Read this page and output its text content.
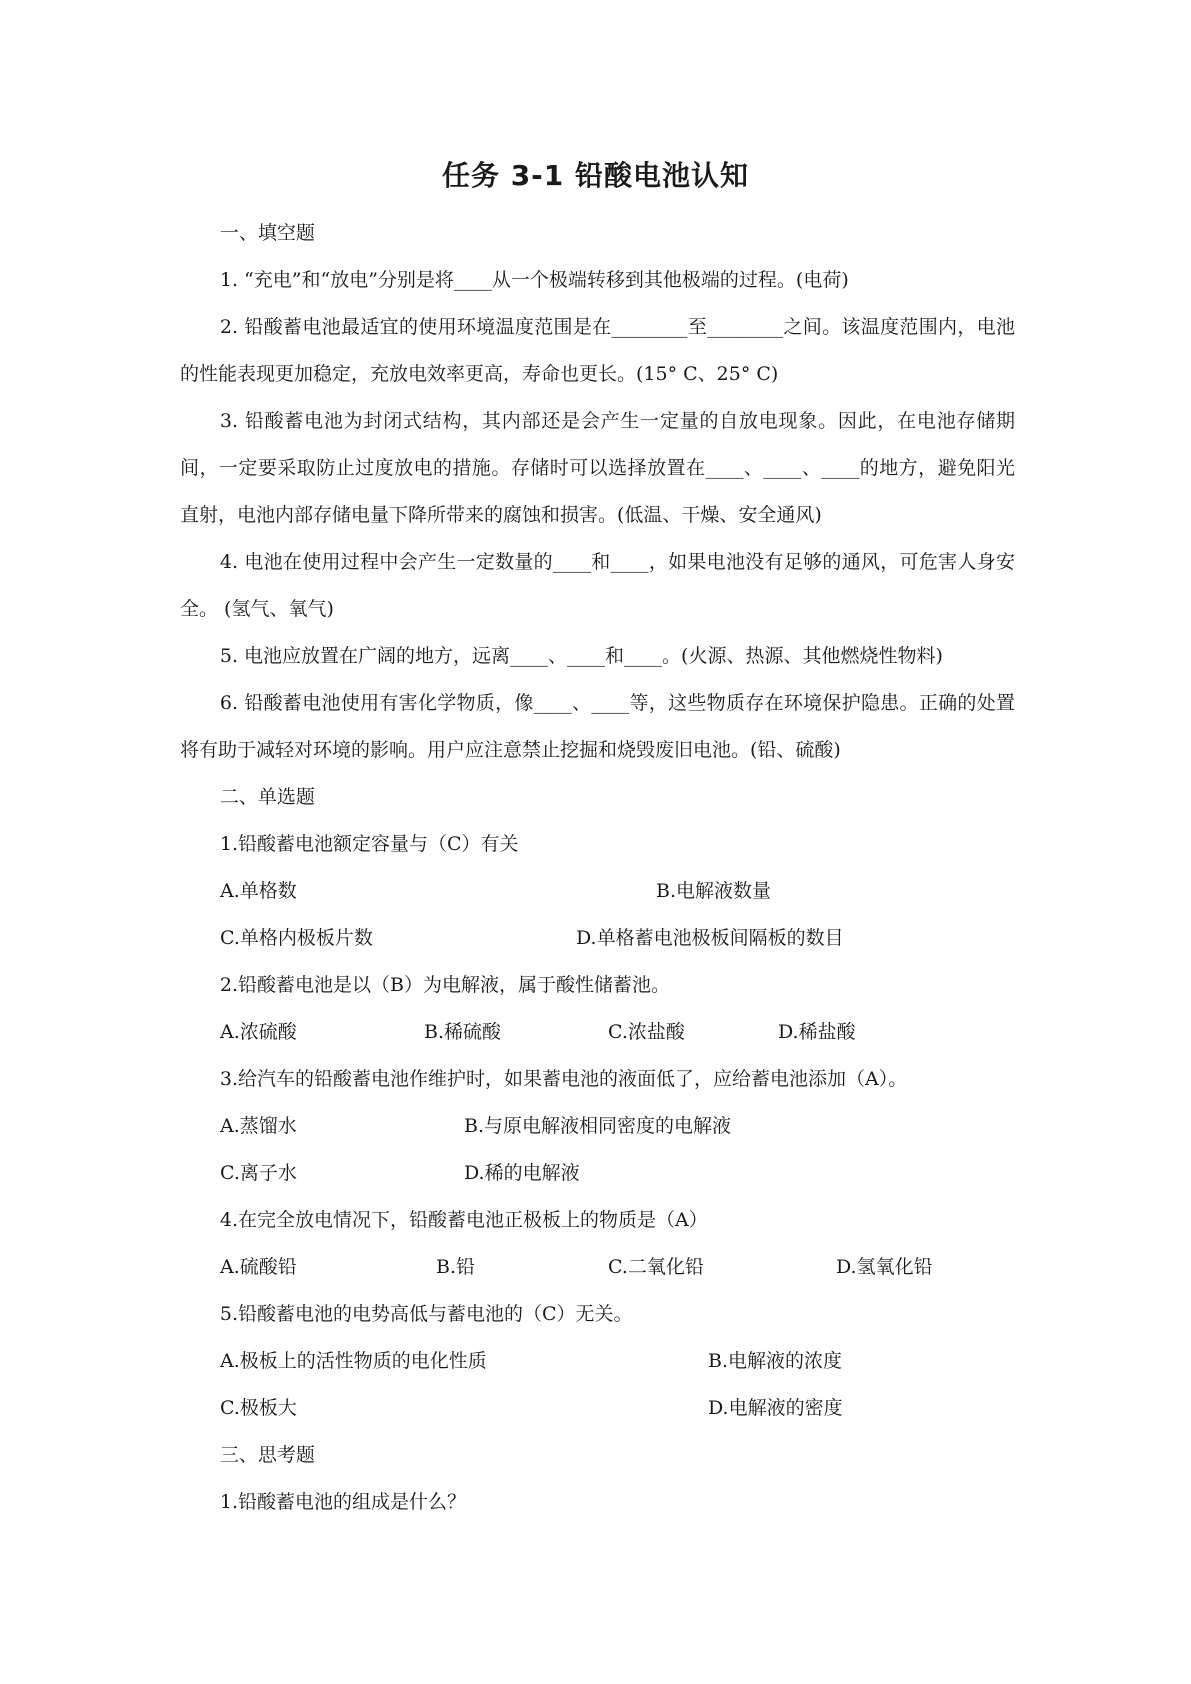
任务 3-1 铅酸电池认知

一、填空题

1. “充电”和“放电”分别是将____从一个极端转移到其他极端的过程。(电荷)

2. 铅酸蓄电池最适宜的使用环境温度范围是在________至________之间。该温度范围内，电池的性能表现更加稳定，充放电效率更高，寿命也更长。(15° C、25° C)

3. 铅酸蓄电池为封闭式结构，其内部还是会产生一定量的自放电现象。因此，在电池存储期间，一定要采取防止过度放电的措施。存储时可以选择放置在____、____、____的地方，避免阳光直射，电池内部存储电量下降所带来的腐蚀和损害。(低温、干燥、安全通风)

4. 电池在使用过程中会产生一定数量的____和____，如果电池没有足够的通风，可危害人身安全。 (氢气、氧气)

5. 电池应放置在广阔的地方，远离____、____和____。(火源、热源、其他燃烧性物料)

6. 铅酸蓄电池使用有害化学物质，像____、____等，这些物质存在环境保护隐患。正确的处置将有助于减轻对环境的影响。用户应注意禁止挖掘和烧毁废旧电池。(铅、硫酸)

二、单选题

1.铅酸蓄电池额定容量与（C）有关

A.单格数	B.电解液数量
C.单格内极板片数	D.单格蓄电池极板间隔板的数目

2.铅酸蓄电池是以（B）为电解液，属于酸性储蓄池。

A.浓硫酸	B.稀硫酸	C.浓盐酸	D.稀盐酸

3.给汽车的铅酸蓄电池作维护时，如果蓄电池的液面低了，应给蓄电池添加（A）。

A.蒸馏水	B.与原电解液相同密度的电解液
C.离子水	D.稀的电解液

4.在完全放电情况下，铅酸蓄电池正极板上的物质是（A）

A.硫酸铅	B.铅	C.二氧化铅	D.氢氧化铅

5.铅酸蓄电池的电势高低与蓄电池的（C）无关。

A.极板上的活性物质的电化性质	B.电解液的浓度
C.极板大	D.电解液的密度

三、思考题

1.铅酸蓄电池的组成是什么？
